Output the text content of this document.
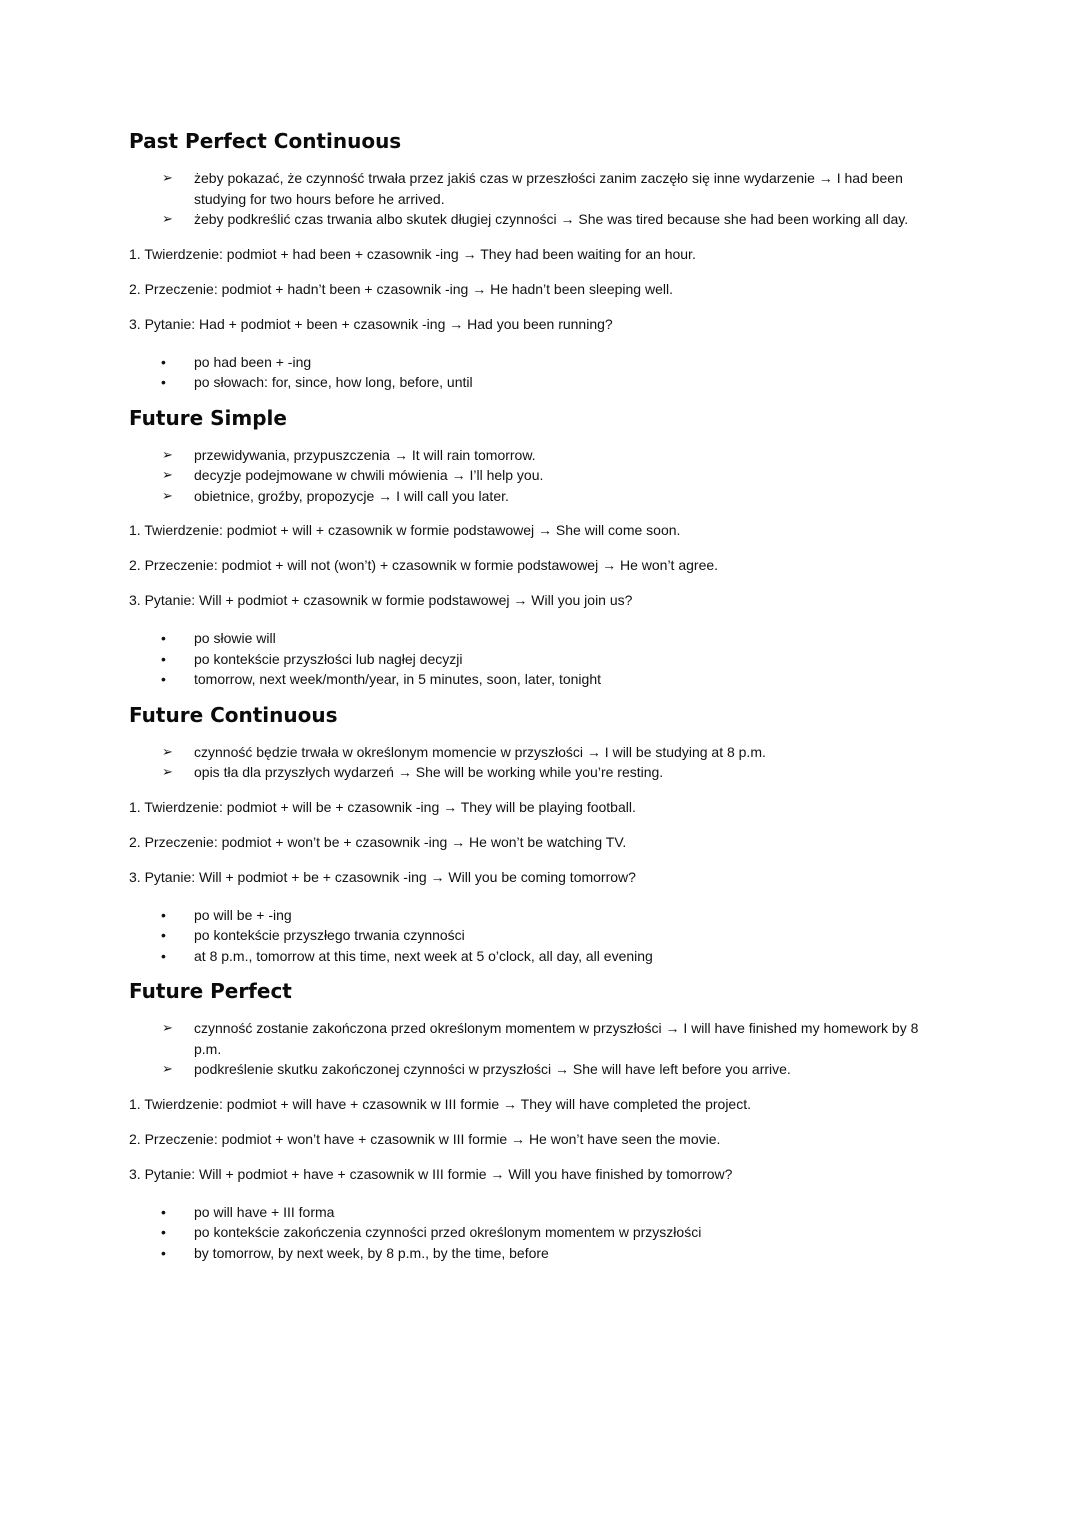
Past Perfect Continuous
➢ żeby pokazać, że czynność trwała przez jakiś czas w przeszłości zanim zaczęło się inne wydarzenie → I had been studying for two hours before he arrived.
➢ żeby podkreślić czas trwania albo skutek długiej czynności → She was tired because she had been working all day.

1. Twierdzenie: podmiot + had been + czasownik -ing → They had been waiting for an hour.

2. Przeczenie: podmiot + hadn’t been + czasownik -ing → He hadn’t been sleeping well.

3. Pytanie: Had + podmiot + been + czasownik -ing → Had you been running?

• po had been + -ing
• po słowach: for, since, how long, before, until
Future Simple
➢ przewidywania, przypuszczenia → It will rain tomorrow.
➢ decyzje podejmowane w chwili mówienia → I’ll help you.
➢ obietnice, groźby, propozycje → I will call you later.

1. Twierdzenie: podmiot + will + czasownik w formie podstawowej → She will come soon.

2. Przeczenie: podmiot + will not (won’t) + czasownik w formie podstawowej → He won’t agree.

3. Pytanie: Will + podmiot + czasownik w formie podstawowej → Will you join us?

• po słowie will
• po kontekście przyszłości lub nagłej decyzji
• tomorrow, next week/month/year, in 5 minutes, soon, later, tonight
Future Continuous
➢ czynność będzie trwała w określonym momencie w przyszłości → I will be studying at 8 p.m.
➢ opis tła dla przyszłych wydarzeń → She will be working while you’re resting.

1. Twierdzenie: podmiot + will be + czasownik -ing → They will be playing football.

2. Przeczenie: podmiot + won’t be + czasownik -ing → He won’t be watching TV.

3. Pytanie: Will + podmiot + be + czasownik -ing → Will you be coming tomorrow?

• po will be + -ing
• po kontekście przyszłego trwania czynności
• at 8 p.m., tomorrow at this time, next week at 5 o’clock, all day, all evening
Future Perfect
➢ czynność zostanie zakończona przed określonym momentem w przyszłości → I will have finished my homework by 8 p.m.
➢ podkreślenie skutku zakończonej czynności w przyszłości → She will have left before you arrive.

1. Twierdzenie: podmiot + will have + czasownik w III formie → They will have completed the project.

2. Przeczenie: podmiot + won’t have + czasownik w III formie → He won’t have seen the movie.

3. Pytanie: Will + podmiot + have + czasownik w III formie → Will you have finished by tomorrow?

• po will have + III forma
• po kontekście zakończenia czynności przed określonym momentem w przyszłości
• by tomorrow, by next week, by 8 p.m., by the time, before
